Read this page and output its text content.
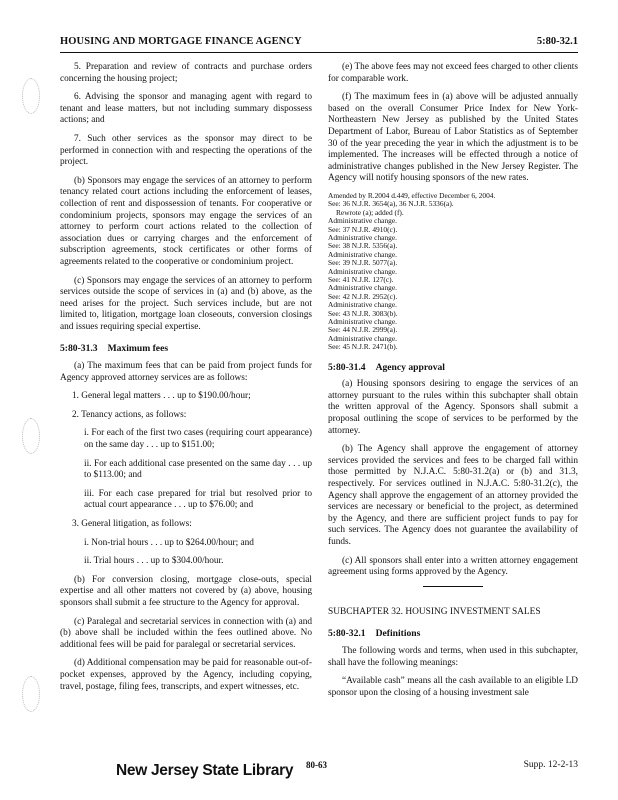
HOUSING AND MORTGAGE FINANCE AGENCY	5:80-32.1

5. Preparation and review of contracts and purchase orders concerning the housing project;

6. Advising the sponsor and managing agent with regard to tenant and lease matters, but not including summary dispossess actions; and

7. Such other services as the sponsor may direct to be performed in connection with and respecting the operations of the project.

(b) Sponsors may engage the services of an attorney to perform tenancy related court actions including the enforcement of leases, collection of rent and dispossession of tenants. For cooperative or condominium projects, sponsors may engage the services of an attorney to perform court actions related to the collection of association dues or carrying charges and the enforcement of subscription agreements, stock certificates or other forms of agreements related to the cooperative or condominium project.

(c) Sponsors may engage the services of an attorney to perform services outside the scope of services in (a) and (b) above, as the need arises for the project. Such services include, but are not limited to, litigation, mortgage loan closeouts, conversion closings and issues requiring special expertise.

5:80-31.3 Maximum fees

(a) The maximum fees that can be paid from project funds for Agency approved attorney services are as follows:

1. General legal matters . . . up to $190.00/hour;

2. Tenancy actions, as follows:

i. For each of the first two cases (requiring court appearance) on the same day . . . up to $151.00;

ii. For each additional case presented on the same day . . . up to $113.00; and

iii. For each case prepared for trial but resolved prior to actual court appearance . . . up to $76.00; and

3. General litigation, as follows:

i. Non-trial hours . . . up to $264.00/hour; and

ii. Trial hours . . . up to $304.00/hour.

(b) For conversion closing, mortgage close-outs, special expertise and all other matters not covered by (a) above, housing sponsors shall submit a fee structure to the Agency for approval.

(c) Paralegal and secretarial services in connection with (a) and (b) above shall be included within the fees outlined above. No additional fees will be paid for paralegal or secretarial services.

(d) Additional compensation may be paid for reasonable out-of-pocket expenses, approved by the Agency, including copying, travel, postage, filing fees, transcripts, and expert witnesses, etc.

(e) The above fees may not exceed fees charged to other clients for comparable work.

(f) The maximum fees in (a) above will be adjusted annually based on the overall Consumer Price Index for New York-Northeastern New Jersey as published by the United States Department of Labor, Bureau of Labor Statistics as of September 30 of the year preceding the year in which the adjustment is to be implemented. The increases will be effected through a notice of administrative changes published in the New Jersey Register. The Agency will notify housing sponsors of the new rates.

Amended by R.2004 d.449, effective December 6, 2004.
See: 36 N.J.R. 3654(a), 36 N.J.R. 5336(a).
Rewrote (a); added (f).
Administrative change.
See: 37 N.J.R. 4910(c).
Administrative change.
See: 38 N.J.R. 5356(a).
Administrative change.
See: 39 N.J.R. 5077(a).
Administrative change.
See: 41 N.J.R. 127(c).
Administrative change.
See: 42 N.J.R. 2952(c).
Administrative change.
See: 43 N.J.R. 3083(b).
Administrative change.
See: 44 N.J.R. 2999(a).
Administrative change.
See: 45 N.J.R. 2471(b).
5:80-31.4 Agency approval

(a) Housing sponsors desiring to engage the services of an attorney pursuant to the rules within this subchapter shall obtain the written approval of the Agency. Sponsors shall submit a proposal outlining the scope of services to be performed by the attorney.

(b) The Agency shall approve the engagement of attorney services provided the services and fees to be charged fall within those permitted by N.J.A.C. 5:80-31.2(a) or (b) and 31.3, respectively. For services outlined in N.J.A.C. 5:80-31.2(c), the Agency shall approve the engagement of an attorney provided the services are necessary or beneficial to the project, as determined by the Agency, and there are sufficient project funds to pay for such services. The Agency does not guarantee the availability of funds.

(c) All sponsors shall enter into a written attorney engagement agreement using forms approved by the Agency.

SUBCHAPTER 32. HOUSING INVESTMENT SALES
5:80-32.1 Definitions

The following words and terms, when used in this subchapter, shall have the following meanings:

“Available cash” means all the cash available to an eligible LD sponsor upon the closing of a housing investment sale

New Jersey State Library 80-63	Supp. 12-2-13
